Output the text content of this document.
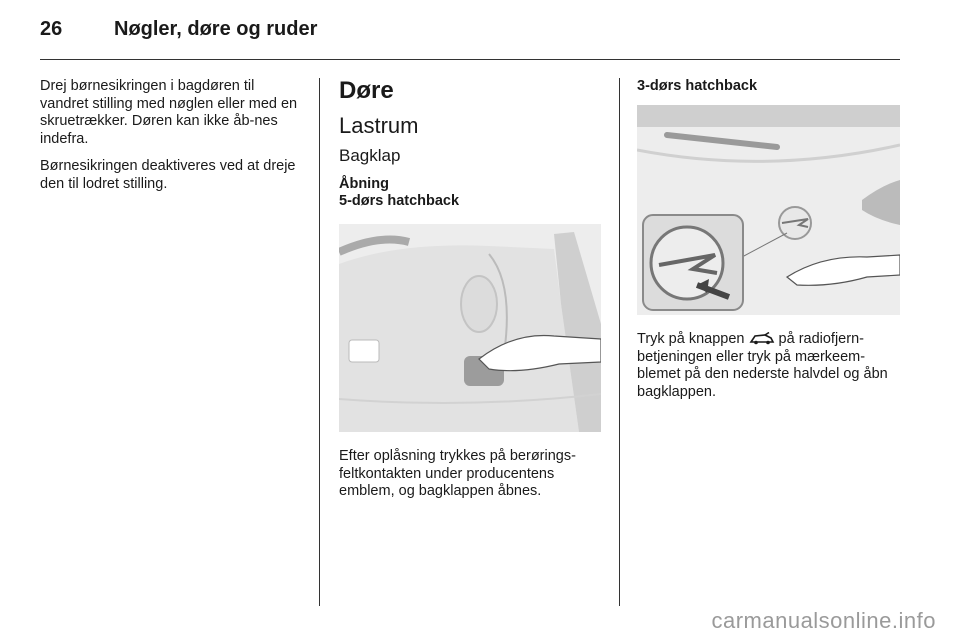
26	Nøgler, døre og ruder

Drej børnesikringen i bagdøren til vandret stilling med nøglen eller med en skruetrækker. Døren kan ikke åb-nes indefra.

Børnesikringen deaktiveres ved at dreje den til lodret stilling.

Døre
Lastrum
Bagklap
Åbning
5-dørs hatchback

Efter oplåsning trykkes på berørings-feltkontakten under producentens emblem, og bagklappen åbnes.

3-dørs hatchback

Tryk på knappen på radiofjern-betjeningen eller tryk på mærkeem-blemet på den nederste halvdel og åbn bagklappen.

carmanualsonline.info
